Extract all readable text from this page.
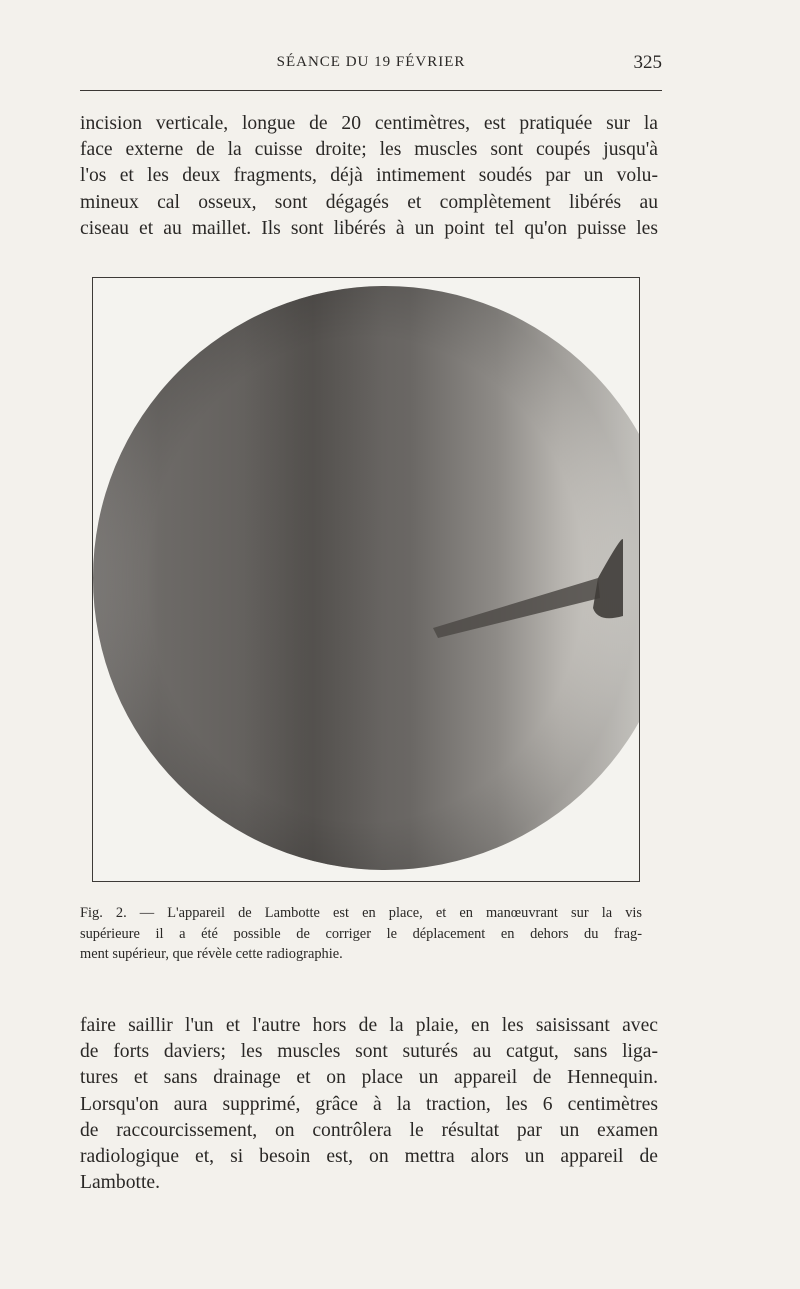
SÉANCE DU 19 FÉVRIER	325
incision verticale, longue de 20 centimètres, est pratiquée sur la
face externe de la cuisse droite; les muscles sont coupés jusqu'à
l'os et les deux fragments, déjà intimement soudés par un volu-
mineux cal osseux, sont dégagés et complètement libérés au
ciseau et au maillet. Ils sont libérés à un point tel qu'on puisse les
Fig. 2. — L'appareil de Lambotte est en place, et en manœuvrant sur la vis
supérieure il a été possible de corriger le déplacement en dehors du frag-
ment supérieur, que révèle cette radiographie.
faire saillir l'un et l'autre hors de la plaie, en les saisissant avec
de forts daviers; les muscles sont suturés au catgut, sans liga-
tures et sans drainage et on place un appareil de Hennequin.
Lorsqu'on aura supprimé, grâce à la traction, les 6 centimètres
de raccourcissement, on contrôlera le résultat par un examen
radiologique et, si besoin est, on mettra alors un appareil de
Lambotte.
